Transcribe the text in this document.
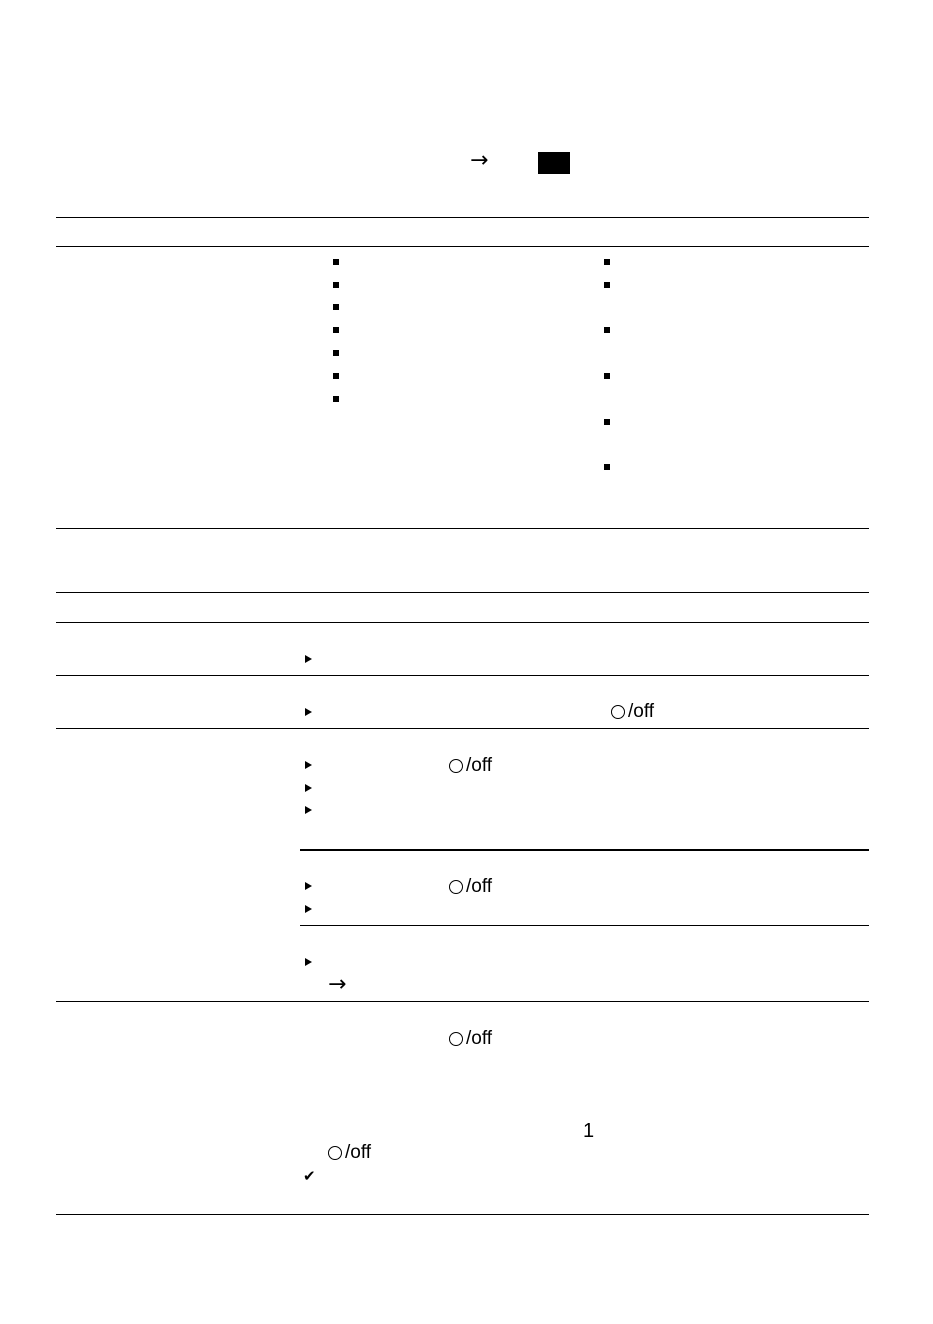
→
/off
/off
/off
/off
/off
→
1
✔
